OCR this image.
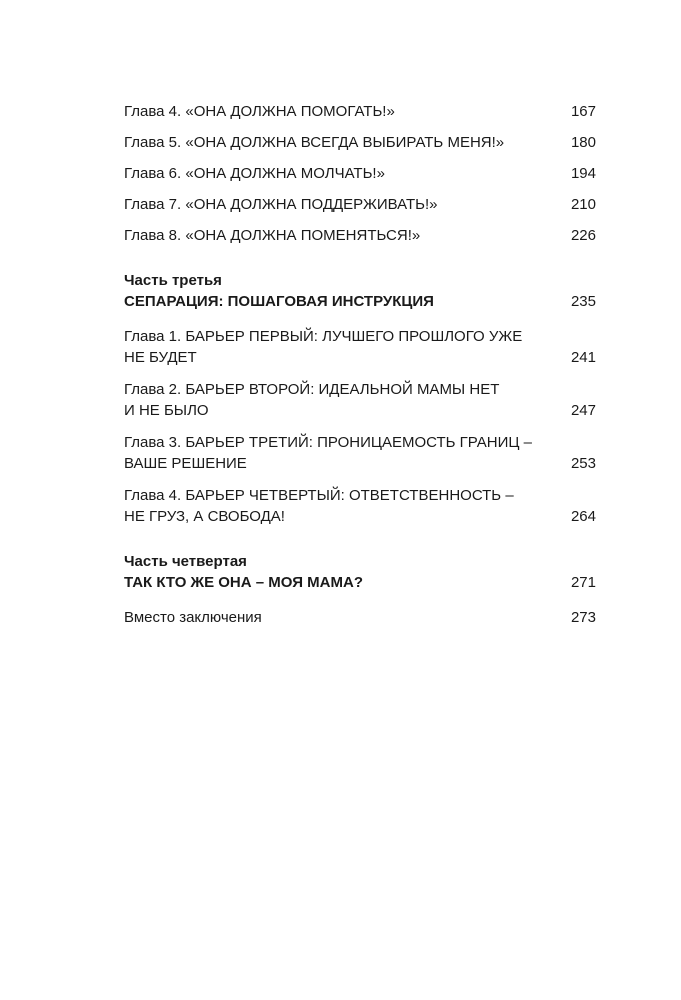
Глава 4. «ОНА ДОЛЖНА ПОМОГАТЬ!»	167
Глава 5. «ОНА ДОЛЖНА ВСЕГДА ВЫБИРАТЬ МЕНЯ!»	180
Глава 6. «ОНА ДОЛЖНА МОЛЧАТЬ!»	194
Глава 7. «ОНА ДОЛЖНА ПОДДЕРЖИВАТЬ!»	210
Глава 8. «ОНА ДОЛЖНА ПОМЕНЯТЬСЯ!»	226
Часть третья
СЕПАРАЦИЯ: ПОШАГОВАЯ ИНСТРУКЦИЯ	235
Глава 1. БАРЬЕР ПЕРВЫЙ: ЛУЧШЕГО ПРОШЛОГО УЖЕ
НЕ БУДЕТ	241
Глава 2. БАРЬЕР ВТОРОЙ: ИДЕАЛЬНОЙ МАМЫ НЕТ
И НЕ БЫЛО	247
Глава 3. БАРЬЕР ТРЕТИЙ: ПРОНИЦАЕМОСТЬ ГРАНИЦ –
ВАШЕ РЕШЕНИЕ	253
Глава 4. БАРЬЕР ЧЕТВЕРТЫЙ: ОТВЕТСТВЕННОСТЬ –
НЕ ГРУЗ, А СВОБОДА!	264
Часть четвертая
ТАК КТО ЖЕ ОНА – МОЯ МАМА?	271
Вместо заключения	273
